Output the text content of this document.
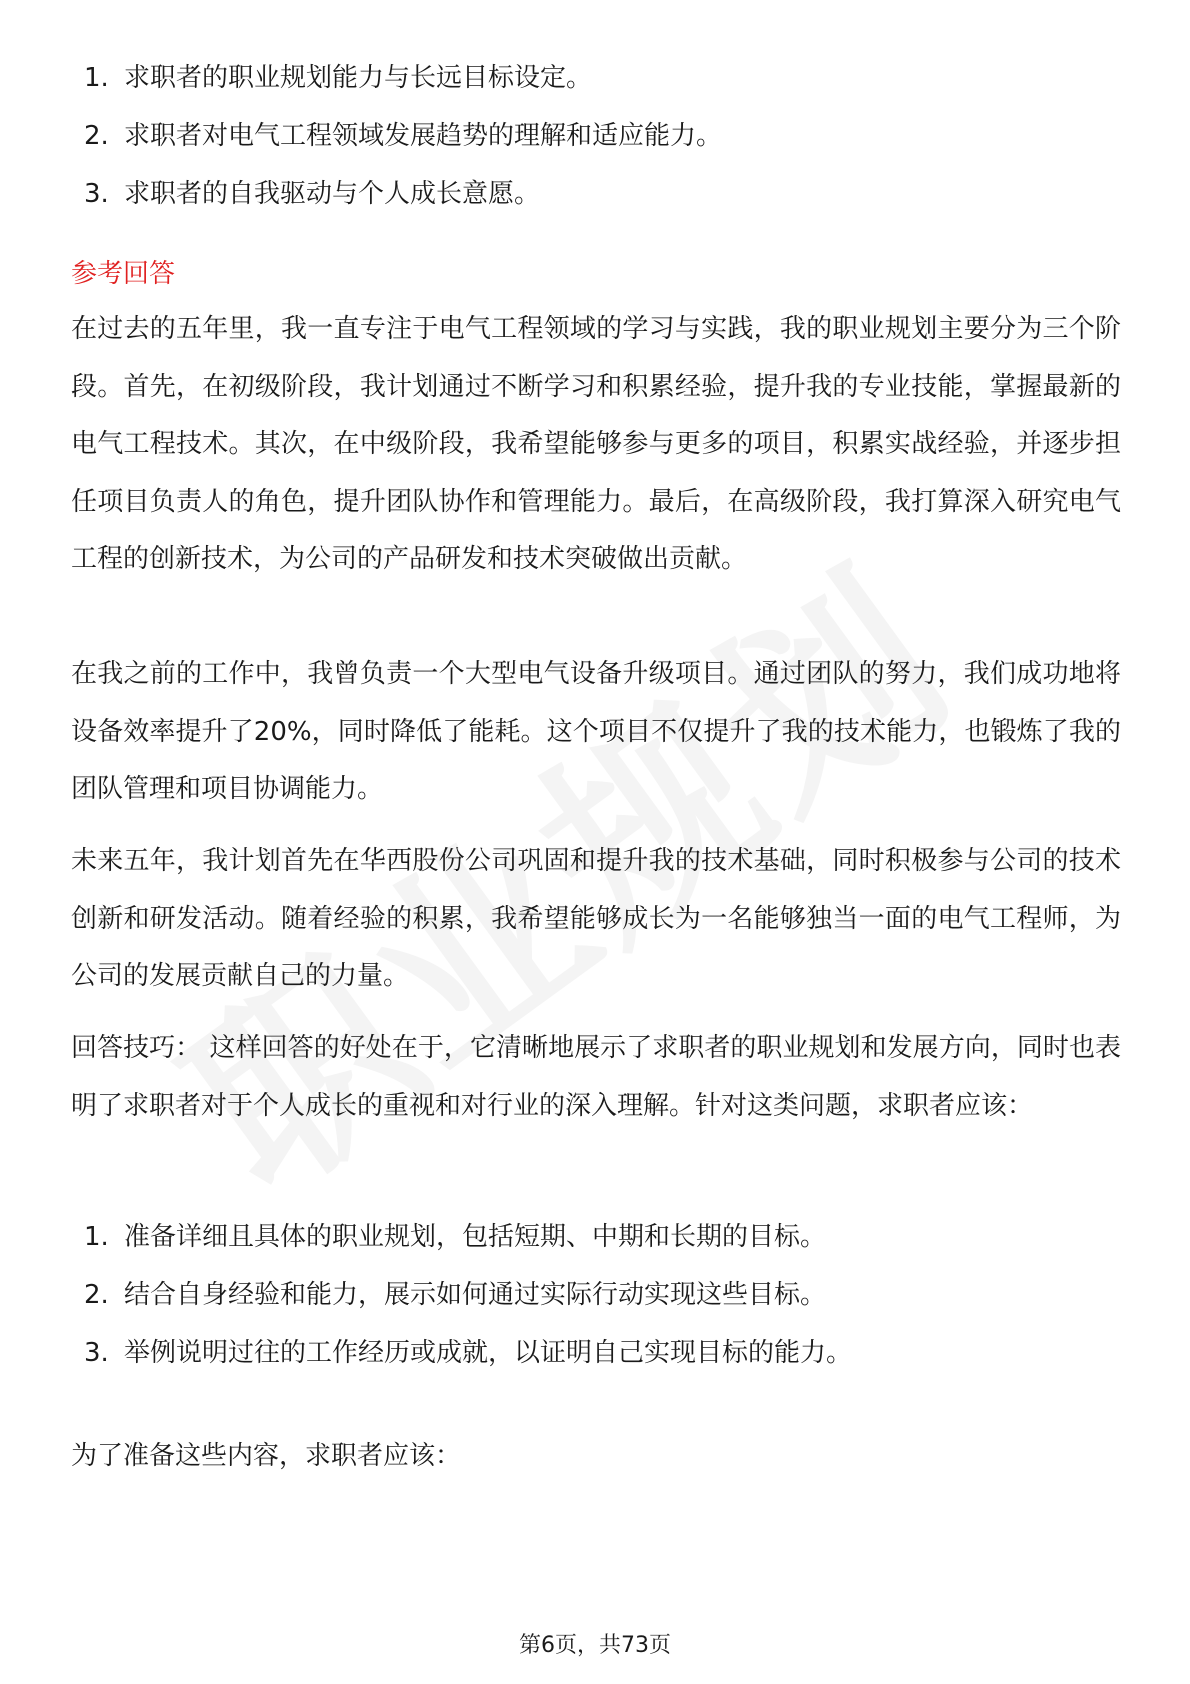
1. 求职者的职业规划能力与长远目标设定。
2. 求职者对电气工程领域发展趋势的理解和适应能力。
3. 求职者的自我驱动与个人成长意愿。
参考回答

在过去的五年里，我一直专注于电气工程领域的学习与实践，我的职业规划主要分为三个阶段。首先，在初级阶段，我计划通过不断学习和积累经验，提升我的专业技能，掌握最新的电气工程技术。其次，在中级阶段，我希望能够参与更多的项目，积累实战经验，并逐步担任项目负责人的角色，提升团队协作和管理能力。最后，在高级阶段，我打算深入研究电气工程的创新技术，为公司的产品研发和技术突破做出贡献。

在我之前的工作中，我曾负责一个大型电气设备升级项目。通过团队的努力，我们成功地将设备效率提升了20%，同时降低了能耗。这个项目不仅提升了我的技术能力，也锻炼了我的团队管理和项目协调能力。

未来五年，我计划首先在华西股份公司巩固和提升我的技术基础，同时积极参与公司的技术创新和研发活动。随着经验的积累，我希望能够成长为一名能够独当一面的电气工程师，为公司的发展贡献自己的力量。

回答技巧： 这样回答的好处在于，它清晰地展示了求职者的职业规划和发展方向，同时也表明了求职者对于个人成长的重视和对行业的深入理解。针对这类问题，求职者应该：

1. 准备详细且具体的职业规划，包括短期、中期和长期的目标。
2. 结合自身经验和能力，展示如何通过实际行动实现这些目标。
3. 举例说明过往的工作经历或成就，以证明自己实现目标的能力。

为了准备这些内容，求职者应该：

第6页，共73页
